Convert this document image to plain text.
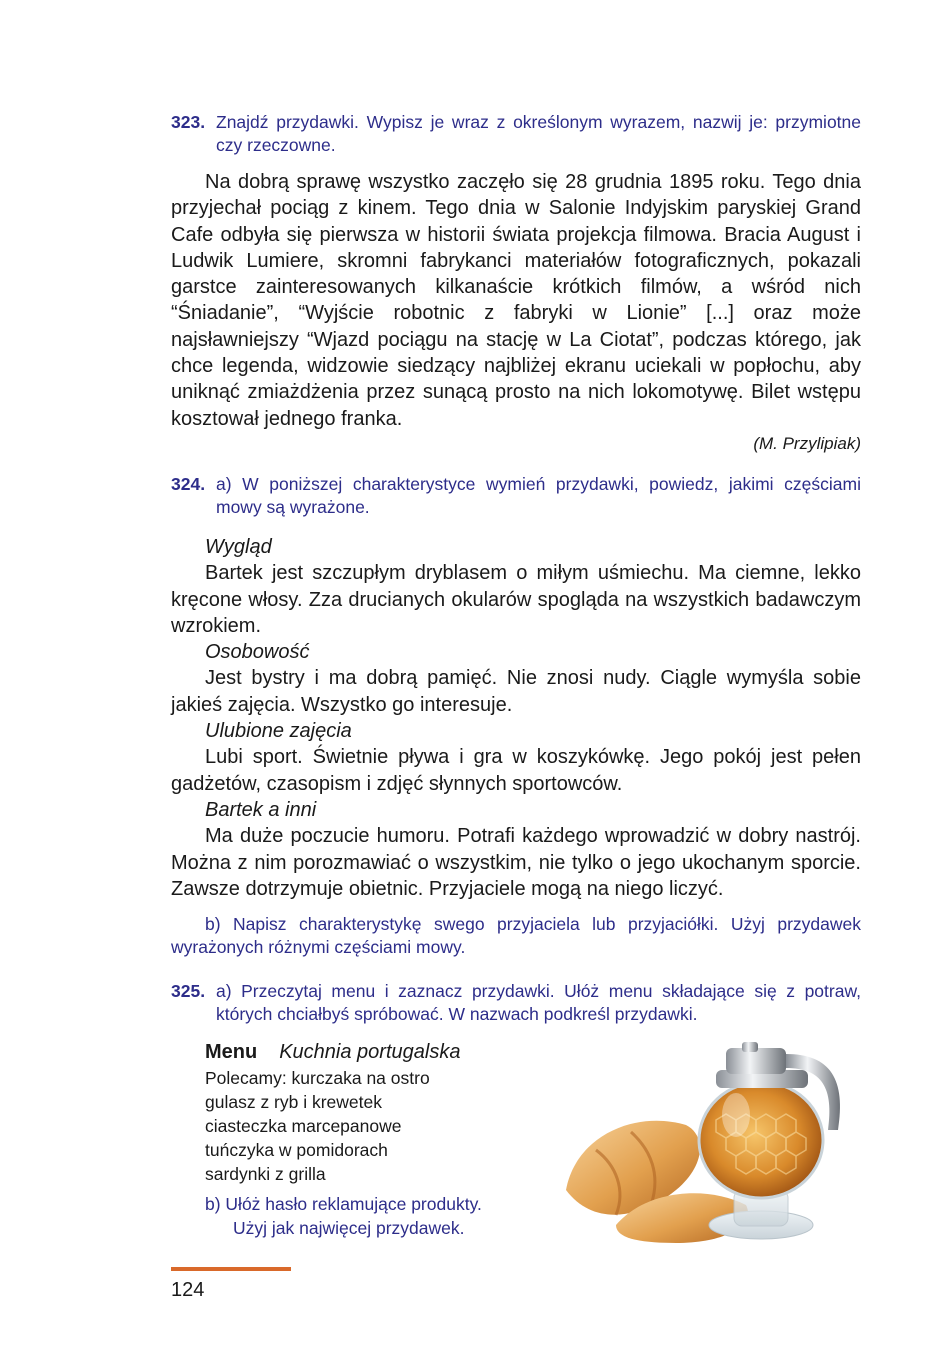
323. Znajdź przydawki. Wypisz je wraz z określonym wyrazem, nazwij je: przymiotne czy rzeczowne.

Na dobrą sprawę wszystko zaczęło się 28 grudnia 1895 roku. Tego dnia przyjechał pociąg z kinem. Tego dnia w Salonie Indyjskim paryskiej Grand Cafe odbyła się pierwsza w historii świata projekcja filmowa. Bracia August i Ludwik Lumiere, skromni fabrykanci materiałów fotograficznych, pokazali garstce zainteresowanych kilkanaście krótkich filmów, a wśród nich “Śniadanie”, “Wyjście robotnic z fabryki w Lionie” [...] oraz może najsławniejszy “Wjazd pociągu na stację w La Ciotat”, podczas którego, jak chce legenda, widzowie siedzący najbliżej ekranu uciekali w popłochu, aby uniknąć zmiażdżenia przez sunącą prosto na nich lokomotywę. Bilet wstępu kosztował jednego franka.

(M. Przylipiak)
324. a) W poniższej charakterystyce wymień przydawki, powiedz, jakimi częściami mowy są wyrażone.
Wygląd

Bartek jest szczupłym dryblasem o miłym uśmiechu. Ma ciemne, lekko kręcone włosy. Zza drucianych okularów spogląda na wszystkich badawczym wzrokiem.

Osobowość

Jest bystry i ma dobrą pamięć. Nie znosi nudy. Ciągle wymyśla sobie jakieś zajęcia. Wszystko go interesuje.

Ulubione zajęcia

Lubi sport. Świetnie pływa i gra w koszykówkę. Jego pokój jest pełen gadżetów, czasopism i zdjęć słynnych sportowców.

Bartek a inni

Ma duże poczucie humoru. Potrafi każdego wprowadzić w dobry nastrój. Można z nim porozmawiać o wszystkim, nie tylko o jego ukochanym sporcie. Zawsze dotrzymuje obietnic. Przyjaciele mogą na niego liczyć.

b) Napisz charakterystykę swego przyjaciela lub przyjaciółki. Użyj przydawek wyrażonych różnymi częściami mowy.
325. a) Przeczytaj menu i zaznacz przydawki. Ułóż menu składające się z potraw, których chciałbyś spróbować. W nazwach podkreśl przydawki.
Menu Kuchnia portugalska
Polecamy: kurczaka na ostro
gulasz z ryb i krewetek
ciasteczka marcepanowe
tuńczyka w pomidorach
sardynki z grilla
b) Ułóż hasło reklamujące produkty.
Użyj jak najwięcej przydawek.
124
